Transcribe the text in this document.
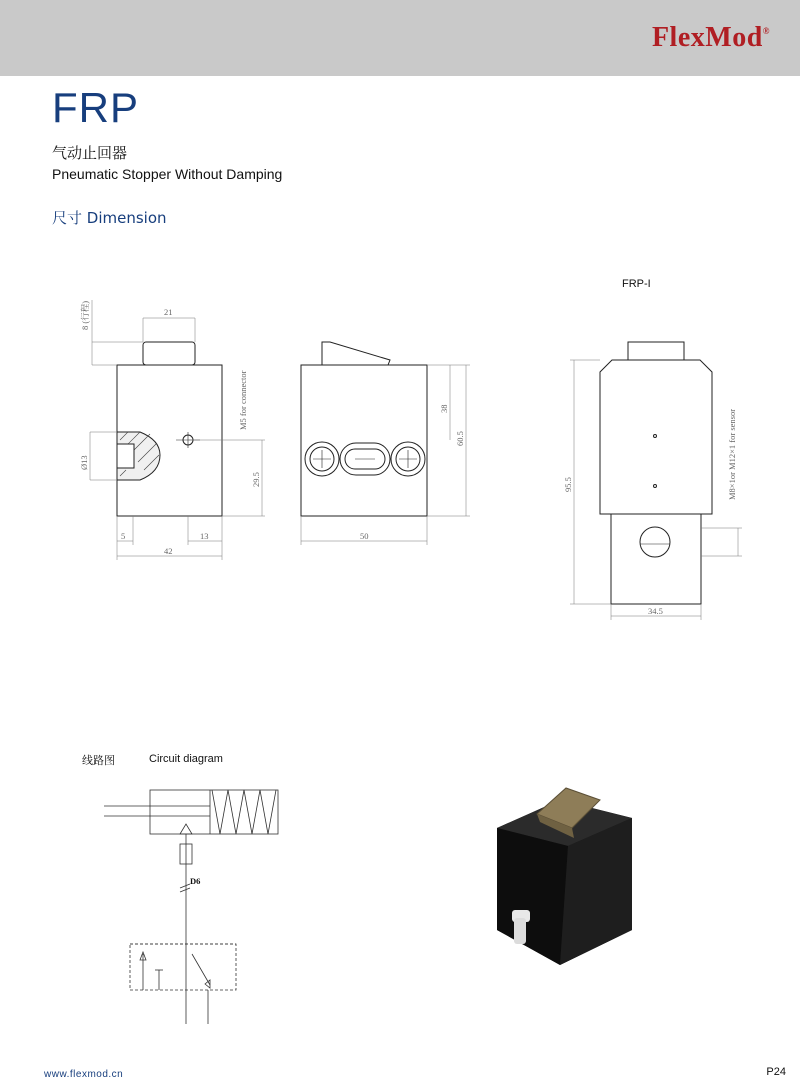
FlexMod®
FRP
气动止回器
Pneumatic Stopper Without Damping
尺寸 Dimension
21
8 (行程)
M5 for connector
Ø13
29.5
5	13
42
50
38
60.5
FRP-I
95.5	M8×1or M12×1 for sensor
34.5
D6
线路图	Circuit diagram
www.flexmod.cn	P24
